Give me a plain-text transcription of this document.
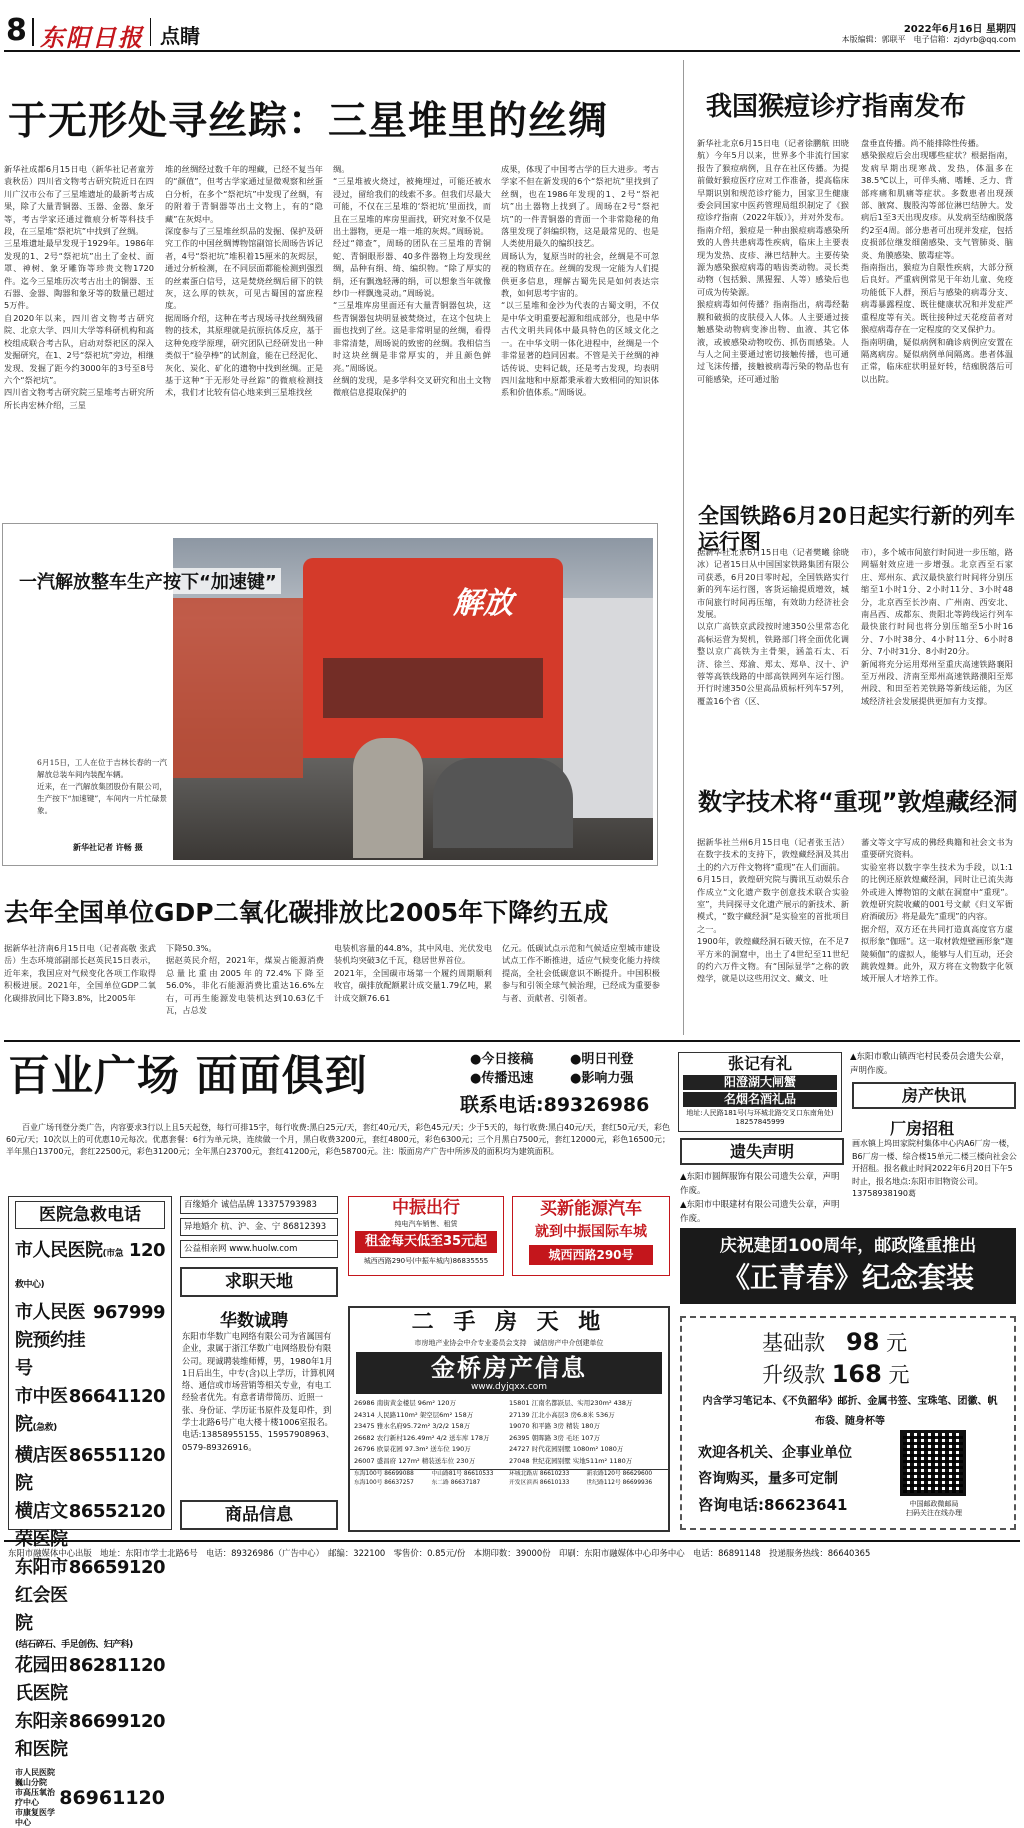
8 东阳日报 点睛	2022年6月16日 星期四
本版编辑：郭联平　电子信箱：zjdyrb@qq.com
于无形处寻丝踪：三星堆里的丝绸
新华社成都6月15日电（新华社记者童芳 袁秋岳）四川省文物考古研究院近日在四川广汉市公布了三星堆遗址的最新考古成果，除了大量青铜器、玉器、金器、象牙等，考古学家还通过微痕分析等科技手段，在三星堆“祭祀坑”中找到了丝绸。
三星堆遗址最早发现于1929年。1986年发现的1、2号“祭祀坑”出土了金杖、面罩、神树、象牙雕饰等珍贵文物1720件。迄今三星堆历次考古出土的铜器、玉石器、金器、陶器和象牙等的数量已超过5万件。
自2020年以来，四川省文物考古研究院、北京大学、四川大学等科研机构和高校组成联合考古队，启动对祭祀区的深入发掘研究，在1、2号“祭祀坑”旁边，相继发现、发掘了距今约3000年的3号至8号六个“祭祀坑”。
四川省文物考古研究院三星堆考古研究所所长冉宏林介绍，三星
堆的丝绸经过数千年的埋藏，已经不复当年的“颜值”，但考古学家通过显微观察和丝蛋白分析，在多个“祭祀坑”中发现了丝绸，有的附着于青铜器等出土文物上，有的“隐藏”在灰烬中。
深度参与了三星堆丝织品的发掘、保护及研究工作的中国丝绸博物馆副馆长周旸告诉记者，4号“祭祀坑”堆积着15厘米的灰烬层，通过分析检测，在不同层面都能检测到强烈的丝素蛋白信号，这是焚烧丝绸后留下的铁灰，这么厚的铁灰，可见古蜀国的富庶程度。
据周旸介绍，这种在考古现场寻找丝绸残留物的技术，其原理就是抗原抗体反应，基于这种免疫学原理，研究团队已经研发出一种类似于“验孕棒”的试剂盒，能在已经泥化、灰化、炭化、矿化的遗物中找到丝绸。正是基于这种“于无形处寻丝踪”的微痕检测技术，我们才比较有信心地来到三星堆找丝
绸。
“三星堆被火烧过，被掩埋过，可能还被水浸过，留给我们的线索不多。但我们尽最大可能，不仅在三星堆的‘祭祀坑’里面找，而且在三星堆的库房里面找，研究对象不仅是出土器物，更是一堆一堆的灰烬。”周旸说。
经过“筛查”，周旸的团队在三星堆的青铜蛇、青铜眼形器、40多件器物上均发现丝绸，品种有绢、绮、编织物。“除了厚实的绢，还有飘逸轻薄的绢，可以想象当年就像纱巾一样飘逸灵动。”周旸说。
“三星堆库房里面还有大量青铜器包块，这些青铜器包块明显被焚烧过，在这个包块上面也找到了丝。这是非常明显的丝绸，看得非常清楚，周旸说的致密的丝绸。我相信当时这块丝绸是非常厚实的，并且颜色鲜亮。”周旸说。
丝绸的发现，是多学科交叉研究和出土文物微痕信息提取保护的
成果，体现了中国考古学的巨大进步。考古学家不但在新发现的6个“祭祀坑”里找到了丝绸，也在1986年发现的1、2号“祭祀坑”出土器物上找到了。周旸在2号“祭祀坑”的一件青铜器的背面一个非常隐秘的角落里发现了斜编织物，这是最常见的、也是人类使用最久的编织技艺。
周旸认为，复原当时的社会，丝绸是不可忽视的物质存在。丝绸的发现一定能为人们提供更多信息，理解古蜀先民是如何表达宗教，如何思考宇宙的。
“以三星堆和金沙为代表的古蜀文明，不仅是中华文明重要起源和组成部分，也是中华古代文明共同体中最具特色的区域文化之一。在中华文明一体化进程中，丝绸是一个非常显著的趋同因素。不管是关于丝绸的神话传说、史料记载，还是考古发现，均表明四川盆地和中原都秉承着大致相同的知识体系和价值体系。”周旸说。
解放
一汽解放整车生产按下“加速键”
6月15日，工人在位于吉林长春的一汽解放总装车间内装配车辆。
近来，在一汽解放集团股份有限公司，生产按下“加速键”，车间内一片忙碌景象。
新华社记者 许畅 摄
去年全国单位GDP二氧化碳排放比2005年下降约五成
据新华社济南6月15日电（记者高敬 张武岳）生态环境部副部长赵英民15日表示，近年来，我国应对气候变化各项工作取得积极进展。2021年，全国单位GDP二氧化碳排放同比下降3.8%，比2005年
下降50.3%。
据赵英民介绍，2021年，煤炭占能源消费总量比重由2005年的72.4%下降至56.0%，非化石能源消费比重达16.6%左右，可再生能源发电装机达到10.63亿千瓦，占总发
电装机容量的44.8%，其中风电、光伏发电装机均突破3亿千瓦，稳居世界首位。
2021年，全国碳市场第一个履约周期顺利收官，碳排放配额累计成交量1.79亿吨，累计成交额76.61
亿元。低碳试点示范和气候适应型城市建设试点工作不断推进，适应气候变化能力持续提高，全社会低碳意识不断提升。中国积极参与和引领全球气候治理，已经成为重要参与者、贡献者、引领者。
我国猴痘诊疗指南发布
新华社北京6月15日电（记者徐鹏航 田晓航）今年5月以来，世界多个非流行国家报告了猴痘病例，且存在社区传播。为提前做好猴痘医疗应对工作准备，提高临床早期识别和规范诊疗能力，国家卫生健康委会同国家中医药管理局组织制定了《猴痘诊疗指南（2022年版）》，并对外发布。
指南介绍，猴痘是一种由猴痘病毒感染所致的人兽共患病毒性疾病，临床上主要表现为发热、皮疹、淋巴结肿大。主要传染源为感染猴痘病毒的啮齿类动物。灵长类动物（包括猴、黑猩猩、人等）感染后也可成为传染源。
猴痘病毒如何传播？指南指出，病毒经黏膜和破损的皮肤侵入人体。人主要通过接触感染动物病变渗出物、血液、其它体液，或被感染动物咬伤、抓伤而感染。人与人之间主要通过密切接触传播，也可通过飞沫传播，接触被病毒污染的物品也有可能感染，还可通过胎
盘垂直传播。尚不能排除性传播。
感染猴痘后会出现哪些症状？根据指南，发病早期出现寒战、发热，体温多在38.5℃以上，可伴头痛、嗜睡、乏力、背部疼痛和肌痛等症状。多数患者出现颈部、腋窝、腹股沟等部位淋巴结肿大。发病后1至3天出现皮疹。从发病至结痂脱落约2至4周。部分患者可出现并发症，包括皮损部位继发细菌感染、支气管肺炎、脑炎、角膜感染、脓毒症等。
指南指出，猴痘为自限性疾病，大部分预后良好。严重病例常见于年幼儿童、免疫功能低下人群，预后与感染的病毒分支、病毒暴露程度、既往健康状况和并发症严重程度等有关。既往接种过天花疫苗者对猴痘病毒存在一定程度的交叉保护力。
指南明确，疑似病例和确诊病例应安置在隔离病房。疑似病例单间隔离。患者体温正常，临床症状明显好转，结痂脱落后可以出院。
全国铁路6月20日起实行新的列车运行图
据新华社北京6月15日电（记者樊曦 徐晓冰）记者15日从中国国家铁路集团有限公司获悉，6月20日零时起，全国铁路实行新的列车运行图，客货运输提质增效，城市间旅行时间再压缩，有效助力经济社会发展。
以京广高铁京武段按时速350公里常态化高标运营为契机，铁路部门将全面优化调整以京广高铁为主骨架，涵盖石太、石济、徐兰、郑渝、郑太、郑阜、汉十、沪蓉等高铁线路的中部高铁网列车运行图。开行时速350公里高品质标杆列车57列，覆盖16个省（区、
市），多个城市间旅行时间进一步压缩，路网辐射效应进一步增强。北京西至石家庄、郑州东、武汉最快旅行时间将分别压缩至1小时1分、2小时11分、3小时48分，北京西至长沙南、广州南、西安北、南昌西、成都东、贵阳北等跨线运行列车最快旅行时间也将分别压缩至5小时16分、7小时38分、4小时11分、6小时8分、7小时31分、8小时20分。
新闻将充分运用郑州至重庆高速铁路襄阳至万州段、济南至郑州高速铁路濮阳至郑州段、和田至若羌铁路等新线运能，为区域经济社会发展提供更加有力支撑。
数字技术将“重现”敦煌藏经洞
据新华社兰州6月15日电（记者张玉洁）在数字技术的支持下，敦煌藏经洞及其出土的约六万件文物将“重现”在人们面前。
6月15日，敦煌研究院与腾讯互动娱乐合作成立“文化遗产数字创意技术联合实验室”，共同探寻文化遗产展示的新技术、新模式，“数字藏经洞”是实验室的首批项目之一。
1900年，敦煌藏经洞石破天惊，在不足7平方米的洞窟中，出土了4世纪至11世纪的约六万件文物。有“国际显学”之称的敦煌学，就是以这些用汉文、藏文、吐
蕃文等文字写成的佛经典籍和社会文书为重要研究资料。
实验室将以数字孪生技术为手段，以1:1的比例还原敦煌藏经洞，同时让已流失海外或进入博物馆的文献在洞窟中“重现”。敦煌研究院收藏的001号文献《归义军衙府酒破历》将是最先“重现”的内容。
据介绍，双方还在共同打造真高度官方虚拟形象“伽瑶”。这一取材敦煌壁画形象“迦陵频伽”的虚拟人，能够与人们互动，还会跳敦煌舞。此外，双方将在文物数字化领域开展人才培养工作。
百业广场 面面俱到	●今日接稿	●明日刊登
●传播迅速	●影响力强
联系电话:89326986
百业广场刊登分类广告，内容要求3行以上且5天起登，每行可排15字，每行收费:黑白25元/天，套红40元/天，彩色45元/天；少于5天的，每行收费:黑白40元/天，套红50元/天，彩色60元/天；10次以上的可优惠10元每次。优惠套餐：6行为单元块，连续做一个月，黑白收费3200元，套红4800元，彩色6300元；三个月黑白7500元，套红12000元，彩色16500元；半年黑白13700元，套红22500元，彩色31200元；全年黑白23700元，套红41200元，彩色58700元。注：版面房产广告中所涉及的面积均为建筑面积。
张记有礼
阳澄湖大闸蟹
名烟名酒礼品
地址:人民路181号(与环城北路交叉口东南角处) 18257845999
▲东阳市歌山镇西宅村民委员会遗失公章，声明作废。
房产快讯
厂房招租
画水镇上坞田家院村集体中心内A6厂房一楼，B6厂房一楼、综合楼15单元二楼三楼向社会公开招租。报名截止时间2022年6月20日下午5时止，报名地点:东阳市旧物资公司。13758938190葛
遗失声明
▲东阳市圆辉服饰有限公司遗失公章，声明作废。
▲东阳市中眼建材有限公司遗失公章，声明作废。
医院急救电话
市人民医院(市急救中心)
120
市人民医院预约挂号
967999
市中医院(急救)
86641120
横店医院
86551120
横店文荣医院
86552120
东阳市红会医院
86659120
(结石碎石、手足创伤、妇产科)
花园田氏医院
86281120
东阳亲和医院
86699120
市人民医院巍山分院
市高压氧治疗中心
市康复医学中心
86961120
百缘婚介 诚信品牌 13375793983
异地婚介 杭、沪、金、宁 86812393
公益相亲网 www.huolw.com
求职天地
华数诚聘
东阳市华数广电网络有限公司为省属国有企业，隶属于浙江华数广电网络股份有限公司。现诚聘装维师傅，男，1980年1月1日后出生，中专(含)以上学历，计算机网络、通信或市场营销等相关专业，有电工经验者优先。有意者请带简历、近照一张、身份证、学历证书原件及复印件，到学士北路6号广电大楼十楼1006室报名。电话:13858955155、15957908963、0579-89326916。
商品信息
中振出行
纯电汽车销售、租赁
租金每天低至35元起
城西西路290号(中振车城内)86835555
买新能源汽车
就到中振国际车城
城西西路290号
二 手 房 天 地
市房地产业协会中介专业委员会支持　诚信房产中介创建单位
金桥房产信息
www.dyjqxx.com
26986 南街黄金楼层 96m² 120万
24314 人民路110m² 架空层6m² 158万
23475 雅水名府95.72m² 3/2/2 158万
26682 农行新村126.49m² 4/2 送车库 178万
26796 欧景花园 97.3m² 送车位 190万
26007 盛昌府 127m² 精装送车位 230万
15801 江南名都跃层、实用230m² 438万
27139 江北小高层3 房6.8米 536万
19070 和平路 3房 精装 180万
26395 朝晖路 3房 毛坯 107万
24727 时代花园别墅 1080m² 1080万
27048 世纪花园别墅 实地511m² 1180万
东海100号 86699088	中山路81号 86610533	环城北路店 86610233	新农路120号 86629600
东海100号 86637257	东二路 86637187	开发区滨西 86610133	世纪路112号 86699936
庆祝建团100周年，邮政隆重推出
《正青春》纪念套装
基础款　 98 元
升级款 168 元
内含学习笔记本、《不负韶华》邮折、金属书签、宝珠笔、团徽、帆布袋、随身杯等
欢迎各机关、企事业单位
咨询购买，量多可定制
咨询电话:86623641	中国邮政微邮局
扫码关注在线办理
东阳市融媒体中心出版　地址：东阳市学士北路6号　电话：89326986（广告中心）　邮编：322100　零售价：0.85元/份　本期印数：39000份　印刷：东阳市融媒体中心印务中心　电话：86891148　投递服务热线：86640365
